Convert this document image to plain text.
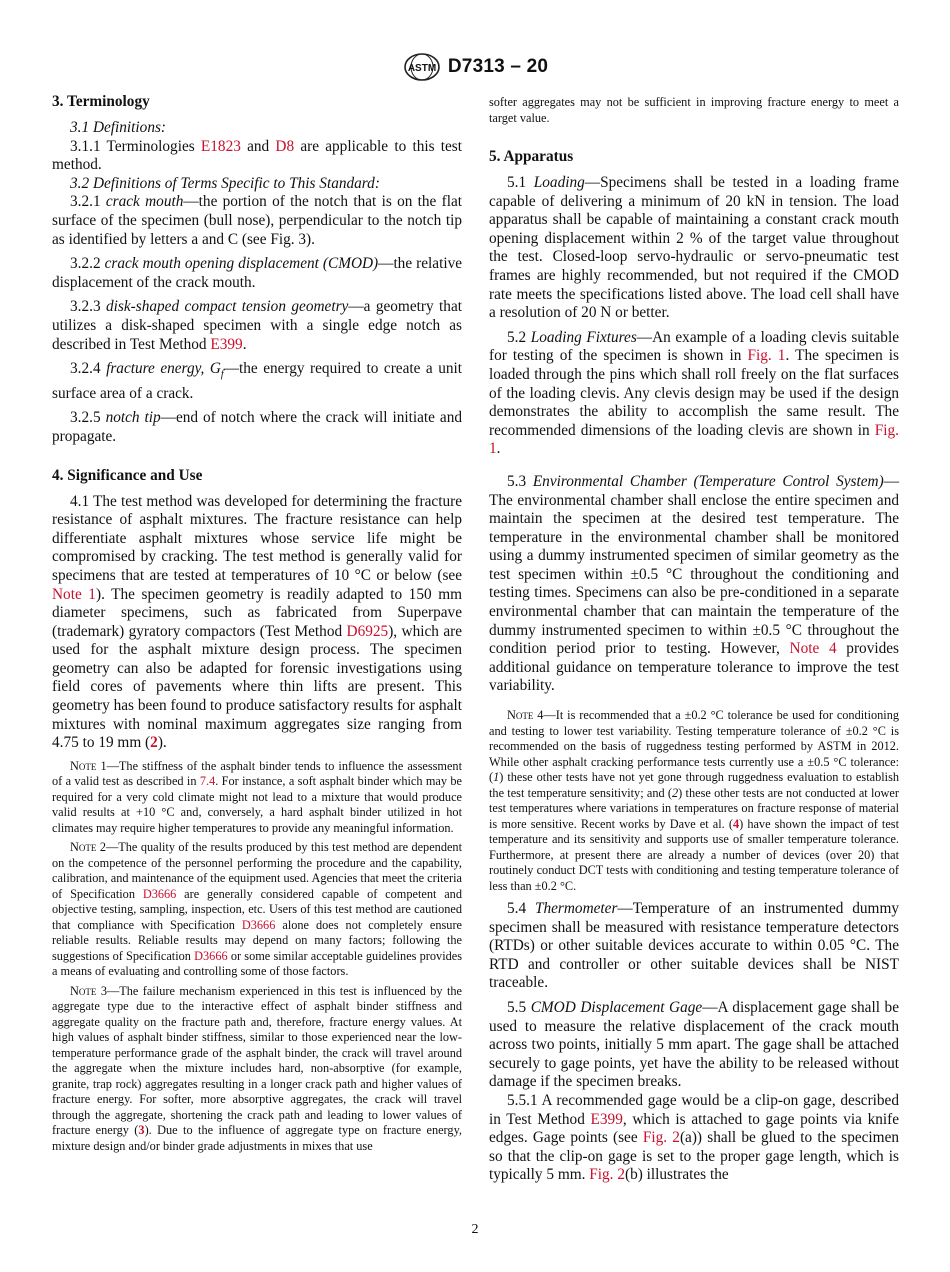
ASTM D7313 – 20
3. Terminology

3.1 Definitions:

3.1.1 Terminologies E1823 and D8 are applicable to this test method.

3.2 Definitions of Terms Specific to This Standard:

3.2.1 crack mouth—the portion of the notch that is on the flat surface of the specimen (bull nose), perpendicular to the notch tip as identified by letters a and C (see Fig. 3).

3.2.2 crack mouth opening displacement (CMOD)—the relative displacement of the crack mouth.

3.2.3 disk-shaped compact tension geometry—a geometry that utilizes a disk-shaped specimen with a single edge notch as described in Test Method E399.

3.2.4 fracture energy, $G_f—the$ energy required to create a unit surface area of a crack.

3.2.5 notch tip—end of notch where the crack will initiate and propagate.

4. Significance and Use

4.1 The test method was developed for determining the fracture resistance of asphalt mixtures. The fracture resistance can help differentiate asphalt mixtures whose service life might be compromised by cracking. The test method is generally valid for specimens that are tested at temperatures of 10 °C or below (see Note 1). The specimen geometry is readily adapted to 150 mm diameter specimens, such as fabricated from Superpave (trademark) gyratory compactors (Test Method D6925), which are used for the asphalt mixture design process. The specimen geometry can also be adapted for forensic investigations using field cores of pavements where thin lifts are present. This geometry has been found to produce satisfactory results for asphalt mixtures with nominal maximum aggregates size ranging from 4.75 to 19 mm (2).

Note 1—The stiffness of the asphalt binder tends to influence the assessment of a valid test as described in 7.4. For instance, a soft asphalt binder which may be required for a very cold climate might not lead to a mixture that would produce valid results at +10 °C and, conversely, a hard asphalt binder utilized in hot climates may require higher temperatures to provide any meaningful information.

Note 2—The quality of the results produced by this test method are dependent on the competence of the personnel performing the procedure and the capability, calibration, and maintenance of the equipment used. Agencies that meet the criteria of Specification D3666 are generally considered capable of competent and objective testing, sampling, inspection, etc. Users of this test method are cautioned that compliance with Specification D3666 alone does not completely ensure reliable results. Reliable results may depend on many factors; following the suggestions of Specification D3666 or some similar acceptable guidelines provides a means of evaluating and controlling some of those factors.

Note 3—The failure mechanism experienced in this test is influenced by the aggregate type due to the interactive effect of asphalt binder stiffness and aggregate quality on the fracture path and, therefore, fracture energy values. At high values of asphalt binder stiffness, similar to those experienced near the low-temperature performance grade of the asphalt binder, the crack will travel around the aggregate when the mixture includes hard, non-absorptive (for example, granite, trap rock) aggregates resulting in a longer crack path and higher values of fracture energy. For softer, more absorptive aggregates, the crack will travel through the aggregate, shortening the crack path and leading to lower values of fracture energy (3). Due to the influence of aggregate type on fracture energy, mixture design and/or binder grade adjustments in mixes that use

softer aggregates may not be sufficient in improving fracture energy to meet a target value.

5. Apparatus

5.1 Loading—Specimens shall be tested in a loading frame capable of delivering a minimum of 20 kN in tension. The load apparatus shall be capable of maintaining a constant crack mouth opening displacement within 2 % of the target value throughout the test. Closed-loop servo-hydraulic or servo-pneumatic test frames are highly recommended, but not required if the CMOD rate meets the specifications listed above. The load cell shall have a resolution of 20 N or better.

5.2 Loading Fixtures—An example of a loading clevis suitable for testing of the specimen is shown in Fig. 1. The specimen is loaded through the pins which shall roll freely on the flat surfaces of the loading clevis. Any clevis design may be used if the design demonstrates the ability to accomplish the same result. The recommended dimensions of the loading clevis are shown in Fig. 1.

5.3 Environmental Chamber (Temperature Control System)—The environmental chamber shall enclose the entire specimen and maintain the specimen at the desired test temperature. The temperature in the environmental chamber shall be monitored using a dummy instrumented specimen of similar geometry as the test specimen within ±0.5 °C throughout the conditioning and testing times. Specimens can also be pre-conditioned in a separate environmental chamber that can maintain the temperature of the dummy instrumented specimen to within ±0.5 °C throughout the condition period prior to testing. However, Note 4 provides additional guidance on temperature tolerance to improve the test variability.

Note 4—It is recommended that a ±0.2 °C tolerance be used for conditioning and testing to lower test variability. Testing temperature tolerance of ±0.2 °C is recommended on the basis of ruggedness testing performed by ASTM in 2012. While other asphalt cracking performance tests currently use a ±0.5 °C tolerance: (1) these other tests have not yet gone through ruggedness evaluation to establish the test temperature sensitivity; and (2) these other tests are not conducted at lower test temperatures where variations in temperatures on fracture response of material is more sensitive. Recent works by Dave et al. (4) have shown the impact of test temperature and its sensitivity and supports use of smaller temperature tolerance. Furthermore, at present there are already a number of devices (over 20) that routinely conduct DCT tests with conditioning and testing temperature tolerance of less than ±0.2 °C.

5.4 Thermometer—Temperature of an instrumented dummy specimen shall be measured with resistance temperature detectors (RTDs) or other suitable devices accurate to within 0.05 °C. The RTD and controller or other suitable devices shall be NIST traceable.

5.5 CMOD Displacement Gage—A displacement gage shall be used to measure the relative displacement of the crack mouth across two points, initially 5 mm apart. The gage shall be attached securely to gage points, yet have the ability to be released without damage if the specimen breaks.

5.5.1 A recommended gage would be a clip-on gage, described in Test Method E399, which is attached to gage points via knife edges. Gage points (see Fig. 2(a)) shall be glued to the specimen so that the clip-on gage is set to the proper gage length, which is typically 5 mm. Fig. 2(b) illustrates the

2
